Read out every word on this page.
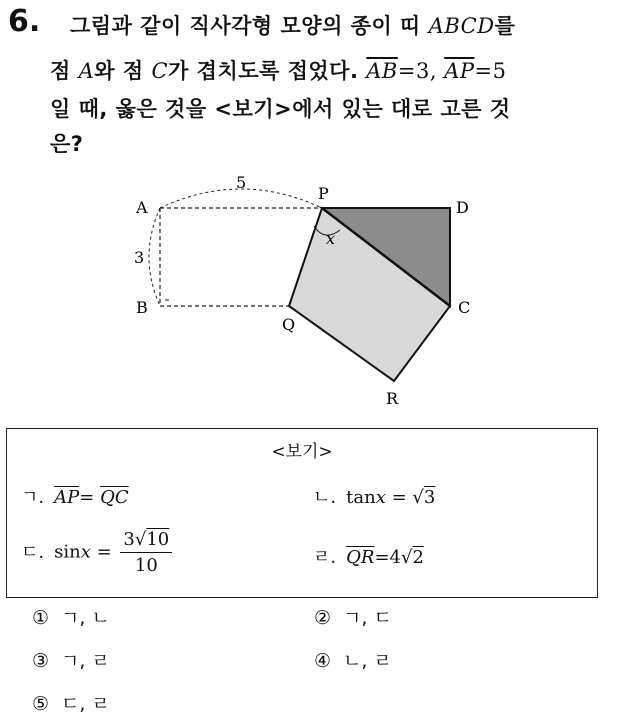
6. 그림과 같이 직사각형 모양의 종이 띠 ABCD를
점 A와 점 C가 겹치도록 접었다. $\overline{AB}=3$, $\overline{AP}=5$
일 때, 옳은 것을 <보기>에서 있는 대로 고른 것
은?
A
B
P
D
Q
C
R
x
5
3
<보기>
ㄱ. $\overline{AP}= \overline{QC}$	ㄴ. tanx = √3
ㄷ. $\sin x = \frac{3√10}{10}$	ㄹ. $\overline{QR}=4√2$
① ㄱ, ㄴ	② ㄱ, ㄷ
③ ㄱ, ㄹ	④ ㄴ, ㄹ
⑤ ㄷ, ㄹ
